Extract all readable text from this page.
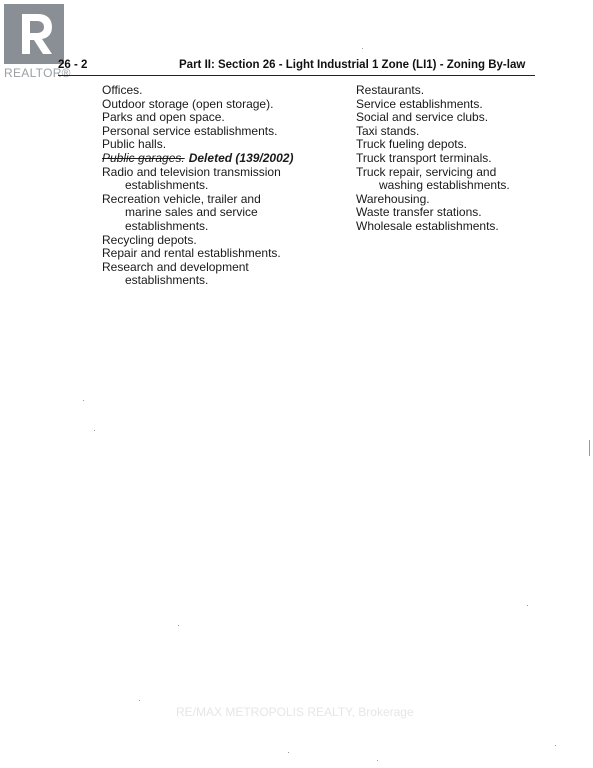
REALTOR®
26 - 2	Part II: Section 26 - Light Industrial 1 Zone (LI1) - Zoning By-law
Offices.
Outdoor storage (open storage).
Parks and open space.
Personal service establishments.
Public halls.
Public garages. Deleted (139/2002)
Radio and television transmission
establishments.
Recreation vehicle, trailer and
marine sales and service
establishments.
Recycling depots.
Repair and rental establishments.
Research and development
establishments.
Restaurants.
Service establishments.
Social and service clubs.
Taxi stands.
Truck fueling depots.
Truck transport terminals.
Truck repair, servicing and
washing establishments.
Warehousing.
Waste transfer stations.
Wholesale establishments.
RE/MAX METROPOLIS REALTY, Brokerage
